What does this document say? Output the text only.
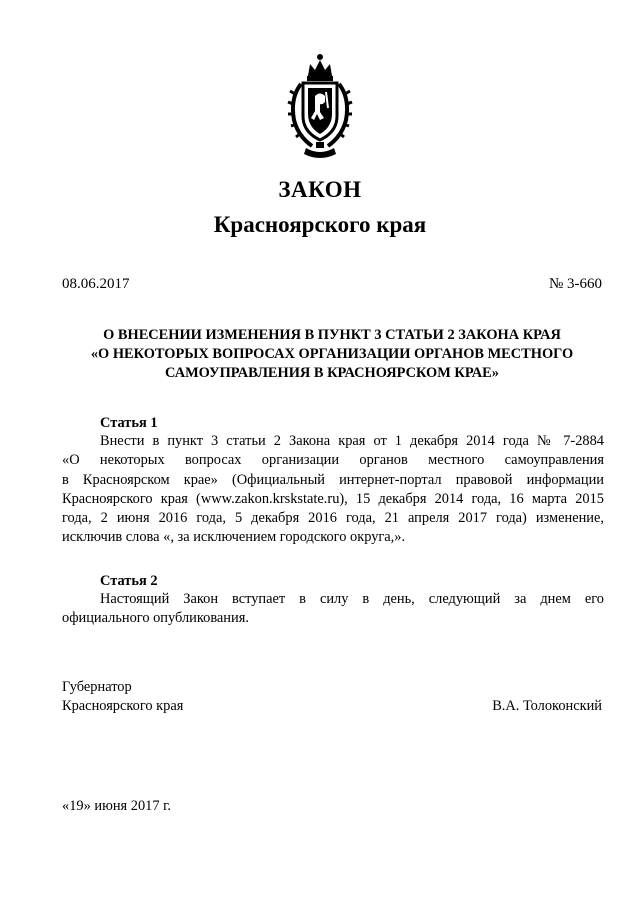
ЗАКОН
Красноярского края
08.06.2017	№ 3-660
О ВНЕСЕНИИ ИЗМЕНЕНИЯ В ПУНКТ 3 СТАТЬИ 2 ЗАКОНА КРАЯ
«О НЕКОТОРЫХ ВОПРОСАХ ОРГАНИЗАЦИИ ОРГАНОВ МЕСТНОГО
САМОУПРАВЛЕНИЯ В КРАСНОЯРСКОМ КРАЕ»
Статья 1
Внести в пункт 3 статьи 2 Закона края от 1 декабря 2014 года № 7-2884
«О некоторых вопросах организации органов местного самоуправления
в Красноярском крае» (Официальный интернет-портал правовой информации
Красноярского края (www.zakon.krskstate.ru), 15 декабря 2014 года, 16 марта 2015
года, 2 июня 2016 года, 5 декабря 2016 года, 21 апреля 2017 года) изменение,
исключив слова «, за исключением городского округа,».
Статья 2
Настоящий Закон вступает в силу в день, следующий за днем его
официального опубликования.
Губернатор
Красноярского края	В.А. Толоконский
«19» июня 2017 г.
